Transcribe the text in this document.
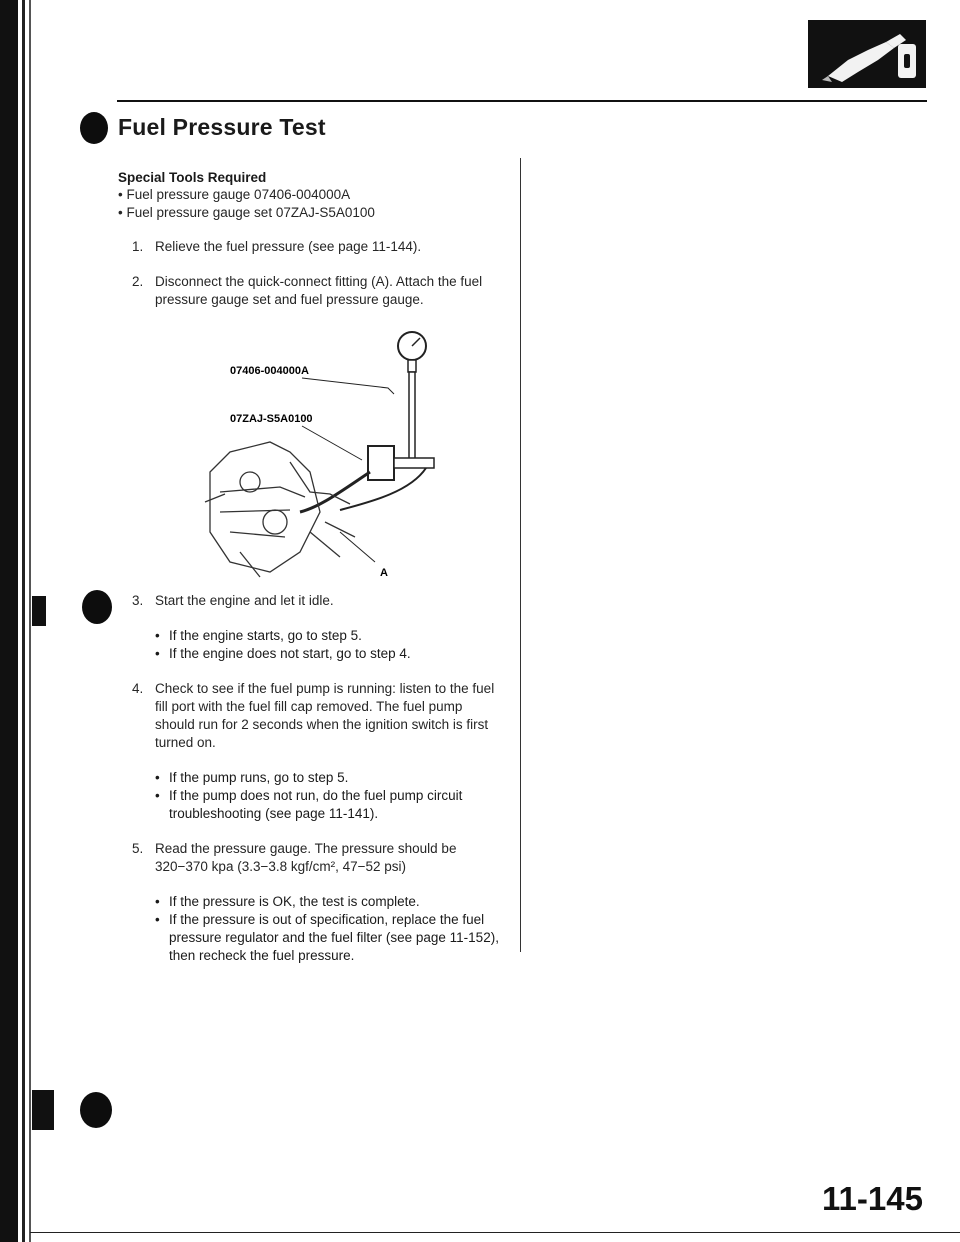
Fuel Pressure Test
Special Tools Required
• Fuel pressure gauge 07406-004000A
• Fuel pressure gauge set 07ZAJ-S5A0100
1. Relieve the fuel pressure (see page 11-144).
2. Disconnect the quick-connect fitting (A). Attach the fuel pressure gauge set and fuel pressure gauge.
07406-004000A
07ZAJ-S5A0100
A
3. Start the engine and let it idle.
• If the engine starts, go to step 5.
• If the engine does not start, go to step 4.
4. Check to see if the fuel pump is running: listen to the fuel fill port with the fuel fill cap removed. The fuel pump should run for 2 seconds when the ignition switch is first turned on.
• If the pump runs, go to step 5.
• If the pump does not run, do the fuel pump circuit troubleshooting (see page 11-141).
5. Read the pressure gauge. The pressure should be 320−370 kpa (3.3−3.8 kgf/cm², 47−52 psi)
• If the pressure is OK, the test is complete.
• If the pressure is out of specification, replace the fuel pressure regulator and the fuel filter (see page 11-152), then recheck the fuel pressure.
11-145
